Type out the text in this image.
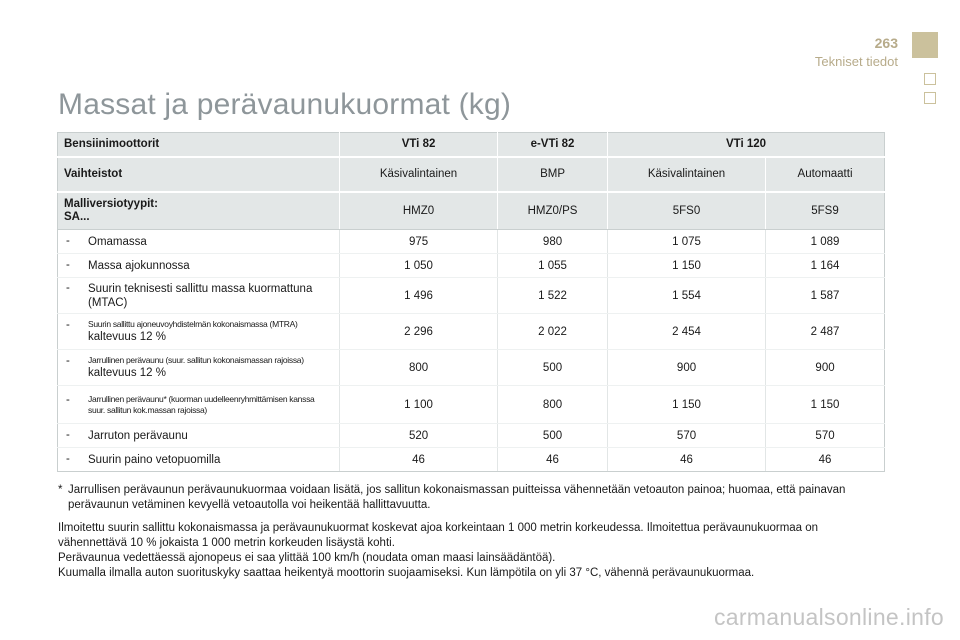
263
Tekniset tiedot
Massat ja perävaunukuormat (kg)
Bensiinimoottorit	VTi 82	e-VTi 82	VTi 120	
Vaihteistot	Käsivalintainen	BMP	Käsivalintainen	Automaatti
Malliversiotyypit:
SA...	HMZ0	HMZ0/PS	5FS0	5FS9

- Omamassa	975	980	1 075	1 089

- Massa ajokunnossa	1 050	1 055	1 150	1 164

- Suurin teknisesti sallittu massa kuormattuna (MTAC)	1 496	1 522	1 554	1 587

- Suurin sallittu ajoneuvoyhdistelmän kokonaismassa (MTRA)
kaltevuus 12 %	2 296	2 022	2 454	2 487

- Jarrullinen perävaunu (suur. sallitun kokonaismassan rajoissa)
kaltevuus 12 %	800	500	900	900

- Jarrullinen perävaunu* (kuorman uudelleenryhmittämisen kanssa suur. sallitun kok.massan rajoissa)	1 100	800	1 150	1 150

- Jarruton perävaunu	520	500	570	570

- Suurin paino vetopuomilla	46	46	46	46
* Jarrullisen perävaunun perävaunukuormaa voidaan lisätä, jos sallitun kokonaismassan puitteissa vähennetään vetoauton painoa; huomaa, että painavan perävaunun vetäminen kevyellä vetoautolla voi heikentää hallittavuutta.

Ilmoitettu suurin sallittu kokonaismassa ja perävaunukuormat koskevat ajoa korkeintaan 1 000 metrin korkeudessa. Ilmoitettua perävaunukuormaa on vähennettävä 10 % jokaista 1 000 metrin korkeuden lisäystä kohti.

Perävaunua vedettäessä ajonopeus ei saa ylittää 100 km/h (noudata oman maasi lainsäädäntöä).

Kuumalla ilmalla auton suorituskyky saattaa heikentyä moottorin suojaamiseksi. Kun lämpötila on yli 37 °C, vähennä perävaunukuormaa.

carmanualsonline.info
